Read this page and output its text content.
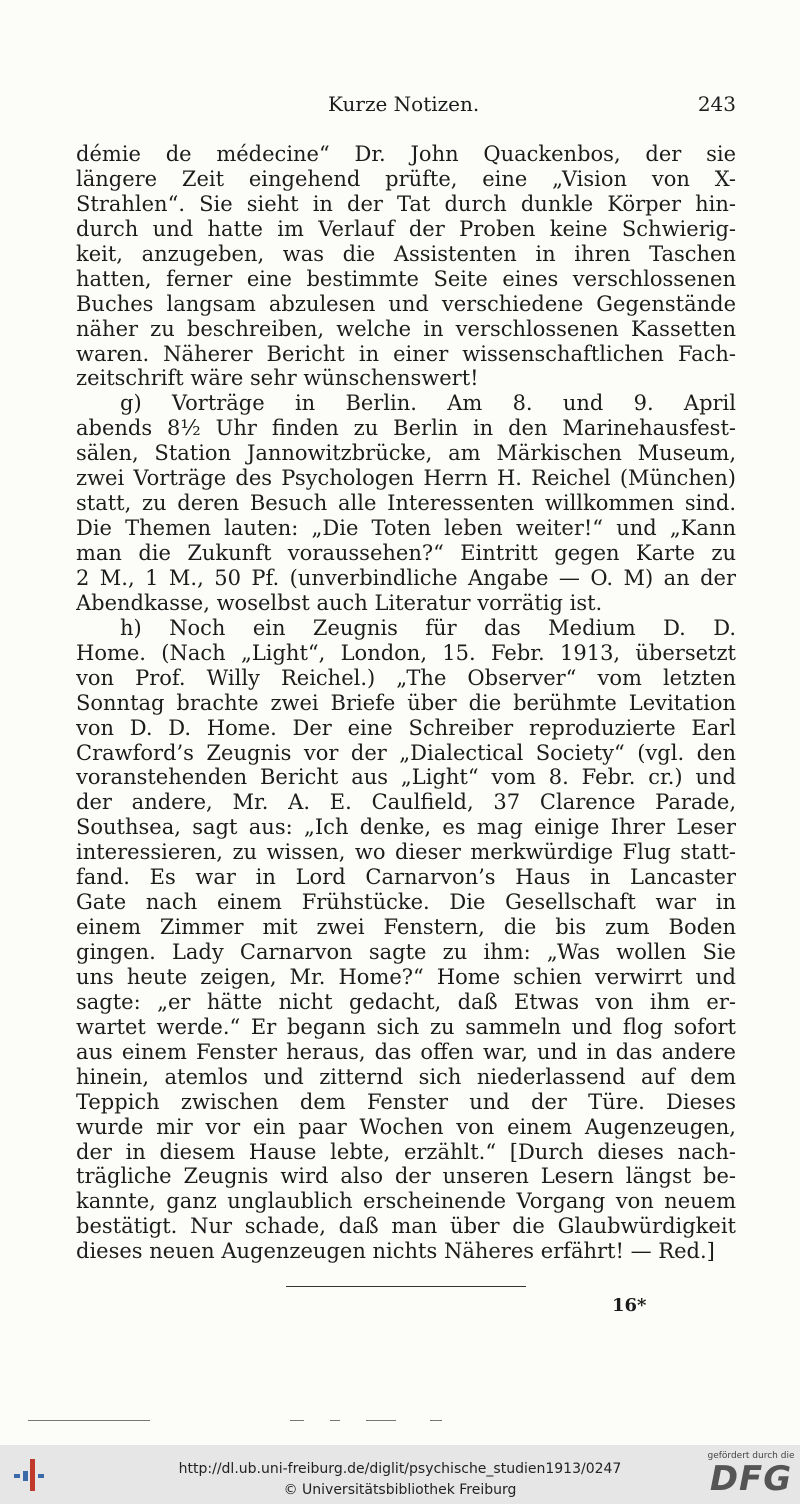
Kurze Notizen.	243
démie de médecine“ Dr. John Quackenbos, der sie
längere Zeit eingehend prüfte, eine „Vision von X-
Strahlen“. Sie sieht in der Tat durch dunkle Körper hin-
durch und hatte im Verlauf der Proben keine Schwierig-
keit, anzugeben, was die Assistenten in ihren Taschen
hatten, ferner eine bestimmte Seite eines verschlossenen
Buches langsam abzulesen und verschiedene Gegenstände
näher zu beschreiben, welche in verschlossenen Kassetten
waren. Näherer Bericht in einer wissenschaftlichen Fach-
zeitschrift wäre sehr wünschenswert!
g) Vorträge in Berlin. Am 8. und 9. April
abends 8½ Uhr finden zu Berlin in den Marinehausfest-
sälen, Station Jannowitzbrücke, am Märkischen Museum,
zwei Vorträge des Psychologen Herrn H. Reichel (München)
statt, zu deren Besuch alle Interessenten willkommen sind.
Die Themen lauten: „Die Toten leben weiter!“ und „Kann
man die Zukunft voraussehen?“ Eintritt gegen Karte zu
2 M., 1 M., 50 Pf. (unverbindliche Angabe — O. M) an der
Abendkasse, woselbst auch Literatur vorrätig ist.
h) Noch ein Zeugnis für das Medium D. D.
Home. (Nach „Light“, London, 15. Febr. 1913, übersetzt
von Prof. Willy Reichel.) „The Observer“ vom letzten
Sonntag brachte zwei Briefe über die berühmte Levitation
von D. D. Home. Der eine Schreiber reproduzierte Earl
Crawford’s Zeugnis vor der „Dialectical Society“ (vgl. den
voranstehenden Bericht aus „Light“ vom 8. Febr. cr.) und
der andere, Mr. A. E. Caulfield, 37 Clarence Parade,
Southsea, sagt aus: „Ich denke, es mag einige Ihrer Leser
interessieren, zu wissen, wo dieser merkwürdige Flug statt-
fand. Es war in Lord Carnarvon’s Haus in Lancaster
Gate nach einem Frühstücke. Die Gesellschaft war in
einem Zimmer mit zwei Fenstern, die bis zum Boden
gingen. Lady Carnarvon sagte zu ihm: „Was wollen Sie
uns heute zeigen, Mr. Home?“ Home schien verwirrt und
sagte: „er hätte nicht gedacht, daß Etwas von ihm er-
wartet werde.“ Er begann sich zu sammeln und flog sofort
aus einem Fenster heraus, das offen war, und in das andere
hinein, atemlos und zitternd sich niederlassend auf dem
Teppich zwischen dem Fenster und der Türe. Dieses
wurde mir vor ein paar Wochen von einem Augenzeugen,
der in diesem Hause lebte, erzählt.“ [Durch dieses nach-
trägliche Zeugnis wird also der unseren Lesern längst be-
kannte, ganz unglaublich erscheinende Vorgang von neuem
bestätigt. Nur schade, daß man über die Glaubwürdigkeit
dieses neuen Augenzeugen nichts Näheres erfährt! — Red.]
16*
http://dl.ub.uni-freiburg.de/diglit/psychische_studien1913/0247
© Universitätsbibliothek Freiburg
gefördert durch die
DFG
